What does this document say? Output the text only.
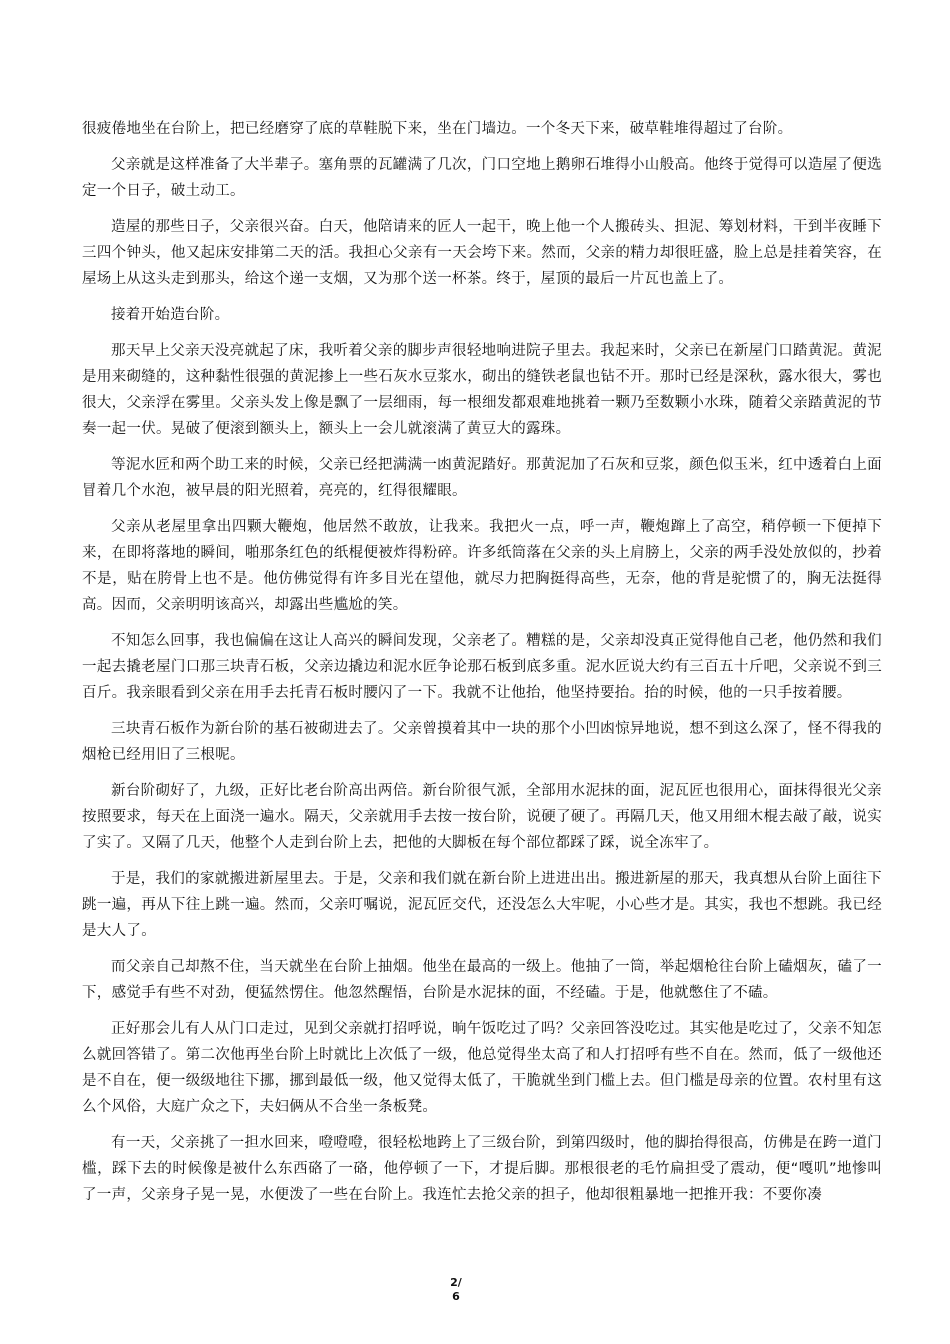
很疲倦地坐在台阶上，把已经磨穿了底的草鞋脱下来，坐在门墙边。一个冬天下来，破草鞋堆得超过了台阶。

父亲就是这样准备了大半辈子。塞角票的瓦罐满了几次，门口空地上鹅卵石堆得小山般高。他终于觉得可以造屋了便选定一个日子，破土动工。

造屋的那些日子，父亲很兴奋。白天，他陪请来的匠人一起干，晚上他一个人搬砖头、担泥、筹划材料，干到半夜睡下三四个钟头，他又起床安排第二天的活。我担心父亲有一天会垮下来。然而，父亲的精力却很旺盛，脸上总是挂着笑容，在屋场上从这头走到那头，给这个递一支烟，又为那个送一杯茶。终于，屋顶的最后一片瓦也盖上了。

接着开始造台阶。

那天早上父亲天没亮就起了床，我听着父亲的脚步声很轻地响进院子里去。我起来时，父亲已在新屋门口踏黄泥。黄泥是用来砌缝的，这种黏性很强的黄泥掺上一些石灰水豆浆水，砌出的缝铁老鼠也钻不开。那时已经是深秋，露水很大，雾也很大，父亲浮在雾里。父亲头发上像是飘了一层细雨，每一根细发都艰难地挑着一颗乃至数颗小水珠，随着父亲踏黄泥的节奏一起一伏。晃破了便滚到额头上，额头上一会儿就滚满了黄豆大的露珠。

等泥水匠和两个助工来的时候，父亲已经把满满一凼黄泥踏好。那黄泥加了石灰和豆浆，颜色似玉米，红中透着白上面冒着几个水泡，被早晨的阳光照着，亮亮的，红得很耀眼。

父亲从老屋里拿出四颗大鞭炮，他居然不敢放，让我来。我把火一点，呼一声，鞭炮蹿上了高空，稍停顿一下便掉下来，在即将落地的瞬间，啪那条红色的纸棍便被炸得粉碎。许多纸筒落在父亲的头上肩膀上，父亲的两手没处放似的，抄着不是，贴在胯骨上也不是。他仿佛觉得有许多目光在望他，就尽力把胸挺得高些，无奈，他的背是驼惯了的，胸无法挺得高。因而，父亲明明该高兴，却露出些尴尬的笑。

不知怎么回事，我也偏偏在这让人高兴的瞬间发现，父亲老了。糟糕的是，父亲却没真正觉得他自己老，他仍然和我们一起去撬老屋门口那三块青石板，父亲边撬边和泥水匠争论那石板到底多重。泥水匠说大约有三百五十斤吧，父亲说不到三百斤。我亲眼看到父亲在用手去托青石板时腰闪了一下。我就不让他抬，他坚持要抬。抬的时候，他的一只手按着腰。

三块青石板作为新台阶的基石被砌进去了。父亲曾摸着其中一块的那个小凹凼惊异地说，想不到这么深了，怪不得我的烟枪已经用旧了三根呢。

新台阶砌好了，九级，正好比老台阶高出两倍。新台阶很气派，全部用水泥抹的面，泥瓦匠也很用心，面抹得很光父亲按照要求，每天在上面浇一遍水。隔天，父亲就用手去按一按台阶，说硬了硬了。再隔几天，他又用细木棍去敲了敲，说实了实了。又隔了几天，他整个人走到台阶上去，把他的大脚板在每个部位都踩了踩，说全冻牢了。

于是，我们的家就搬进新屋里去。于是，父亲和我们就在新台阶上进进出出。搬进新屋的那天，我真想从台阶上面往下跳一遍，再从下往上跳一遍。然而，父亲叮嘱说，泥瓦匠交代，还没怎么大牢呢，小心些才是。其实，我也不想跳。我已经是大人了。

而父亲自己却熬不住，当天就坐在台阶上抽烟。他坐在最高的一级上。他抽了一筒，举起烟枪往台阶上磕烟灰，磕了一下，感觉手有些不对劲，便猛然愣住。他忽然醒悟，台阶是水泥抹的面，不经磕。于是，他就憋住了不磕。

正好那会儿有人从门口走过，见到父亲就打招呼说，晌午饭吃过了吗？父亲回答没吃过。其实他是吃过了，父亲不知怎么就回答错了。第二次他再坐台阶上时就比上次低了一级，他总觉得坐太高了和人打招呼有些不自在。然而，低了一级他还是不自在，便一级级地往下挪，挪到最低一级，他又觉得太低了，干脆就坐到门槛上去。但门槛是母亲的位置。农村里有这么个风俗，大庭广众之下，夫妇俩从不合坐一条板凳。

有一天，父亲挑了一担水回来，噔噔噔，很轻松地跨上了三级台阶，到第四级时，他的脚抬得很高，仿佛是在跨一道门槛，踩下去的时候像是被什么东西硌了一硌，他停顿了一下，才提后脚。那根很老的毛竹扁担受了震动，便“嘎叽”地惨叫了一声，父亲身子晃一晃，水便泼了一些在台阶上。我连忙去抢父亲的担子，他却很粗暴地一把推开我：不要你凑

2/
6
